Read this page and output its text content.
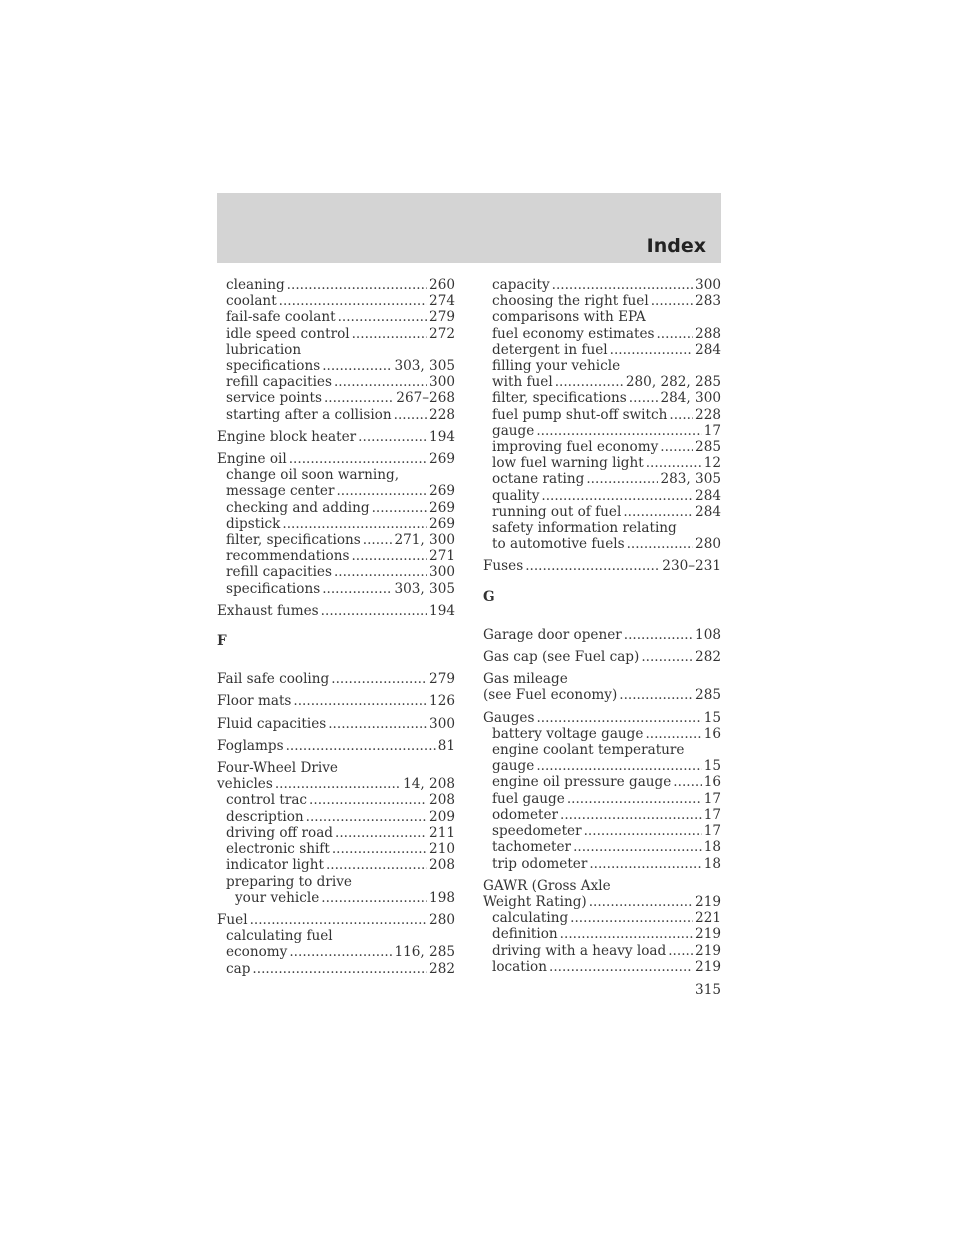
Index
cleaning .....	260
coolant .....	274
fail-safe coolant .....	279
idle speed control .....	272
lubrication
specifications .....	303, 305
refill capacities .....	300
service points .....	267–268
starting after a collision .....	228
Engine block heater .....	194
Engine oil .....	269
change oil soon warning,
message center .....	269
checking and adding .....	269
dipstick .....	269
filter, specifications ..... 271, 300
recommendations .....	271
refill capacities .....	300
specifications .....	303, 305
Exhaust fumes .....	194
F
Fail safe cooling .....	279
Floor mats .....	126
Fluid capacities .....	300
Foglamps .....	81
Four-Wheel Drive
vehicles .....	14, 208
control trac .....	208
description .....	209
driving off road .....	211
electronic shift .....	210
indicator light .....	208
preparing to drive
your vehicle .....	198
Fuel .....	280
calculating fuel
economy .....	116, 285
cap .....	282
capacity .....	300
choosing the right fuel .....	283
comparisons with EPA
fuel economy estimates .....	288
detergent in fuel .....	284
filling your vehicle
with fuel .....	280, 282, 285
filter, specifications ..... 284, 300
fuel pump shut-off switch ..... 228
gauge .....	17
improving fuel economy .....	285
low fuel warning light .....	12
octane rating .....	283, 305
quality .....	284
running out of fuel .....	284
safety information relating
to automotive fuels .....	280
Fuses .....	230–231
G
Garage door opener .....	108
Gas cap (see Fuel cap) .....	282
Gas mileage
(see Fuel economy) .....	285
Gauges .....	15
battery voltage gauge .....	16
engine coolant temperature
gauge .....	15
engine oil pressure gauge ..... 16
fuel gauge .....	17
odometer .....	17
speedometer .....	17
tachometer .....	18
trip odometer .....	18
GAWR (Gross Axle
Weight Rating) .....	219
calculating .....	221
definition .....	219
driving with a heavy load ..... 219
location .....	219
315
